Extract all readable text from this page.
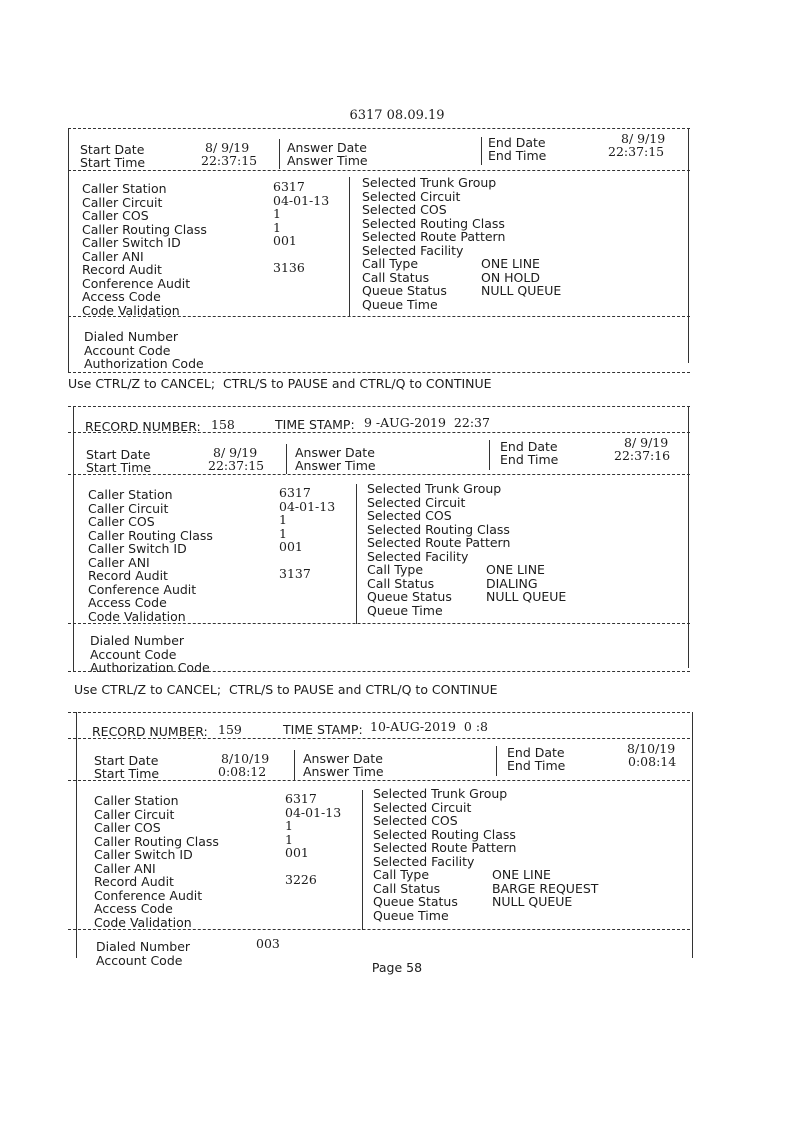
6317 08.09.19
Start Date
Start Time
8/ 9/19
22:37:15
Answer Date
Answer Time
End Date
End Time
8/ 9/19
22:37:15
Caller Station
Caller Circuit
Caller COS
Caller Routing Class
Caller Switch ID
Caller ANI
Record Audit
Conference Audit
Access Code
Code Validation
6317
04-01-13
1
1
001

3136
Selected Trunk Group
Selected Circuit
Selected COS
Selected Routing Class
Selected Route Pattern
Selected Facility
Call Type
Call Status
Queue Status
Queue Time
ONE LINE
ON HOLD
NULL QUEUE
Dialed Number
Account Code
Authorization Code
Use CTRL/Z to CANCEL;  CTRL/S to PAUSE and CTRL/Q to CONTINUE
RECORD NUMBER: 158	TIME STAMP: 9 -AUG-2019  22:37
Start Date
Start Time
8/ 9/19
22:37:15
Answer Date
Answer Time
End Date
End Time
8/ 9/19
22:37:16
Caller Station
Caller Circuit
Caller COS
Caller Routing Class
Caller Switch ID
Caller ANI
Record Audit
Conference Audit
Access Code
Code Validation
6317
04-01-13
1
1
001

3137
Selected Trunk Group
Selected Circuit
Selected COS
Selected Routing Class
Selected Route Pattern
Selected Facility
Call Type
Call Status
Queue Status
Queue Time
ONE LINE
DIALING
NULL QUEUE
Dialed Number
Account Code
Authorization Code
Use CTRL/Z to CANCEL;  CTRL/S to PAUSE and CTRL/Q to CONTINUE
RECORD NUMBER: 159	TIME STAMP: 10-AUG-2019  0 :8
Start Date
Start Time
8/10/19
0:08:12
Answer Date
Answer Time
End Date
End Time
8/10/19
0:08:14
Caller Station
Caller Circuit
Caller COS
Caller Routing Class
Caller Switch ID
Caller ANI
Record Audit
Conference Audit
Access Code
Code Validation
6317
04-01-13
1
1
001

3226
Selected Trunk Group
Selected Circuit
Selected COS
Selected Routing Class
Selected Route Pattern
Selected Facility
Call Type
Call Status
Queue Status
Queue Time
ONE LINE
BARGE REQUEST
NULL QUEUE
Dialed Number
Account Code
003
Page 58
